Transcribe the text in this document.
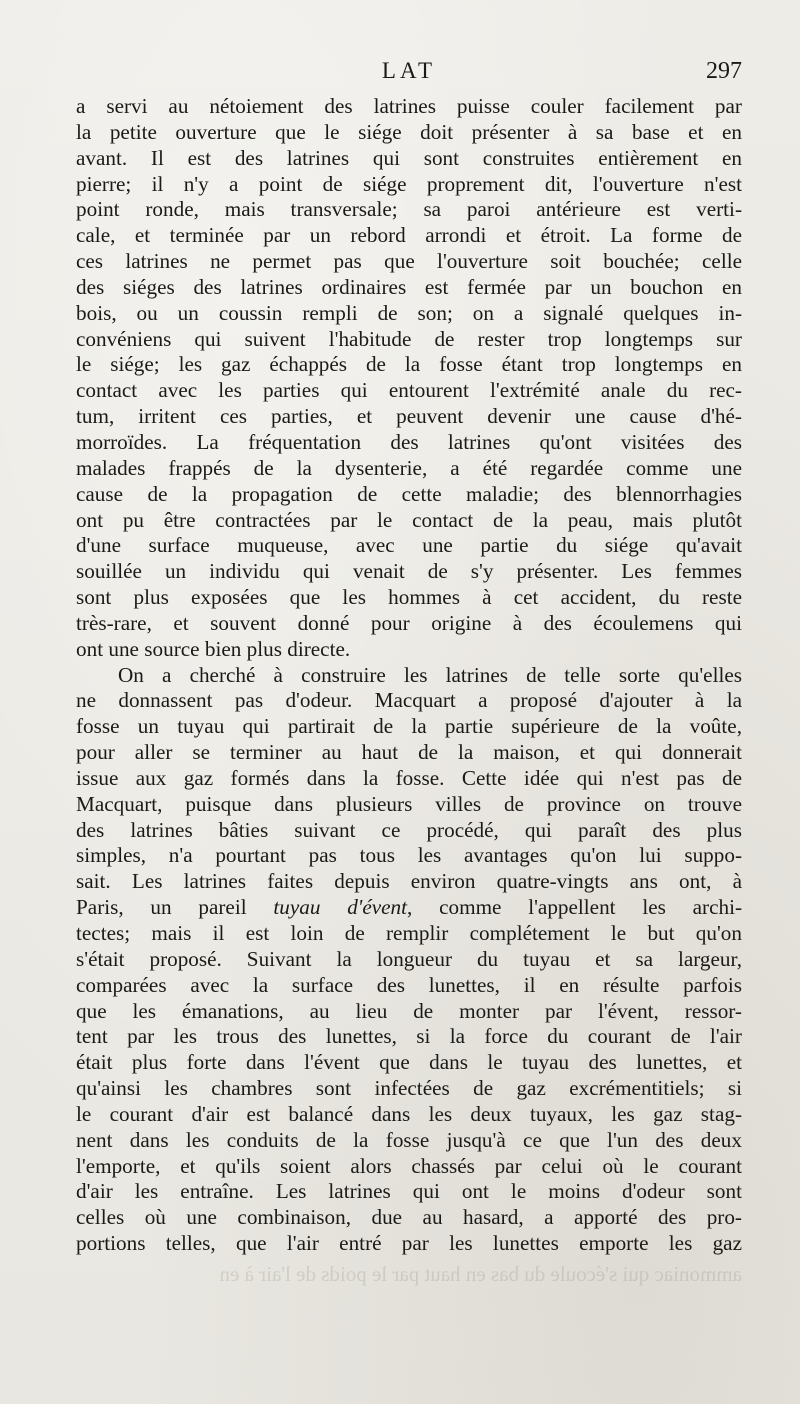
LAT	297
a servi au nétoiement des latrines puisse couler facilement par
la petite ouverture que le siége doit présenter à sa base et en
avant. Il est des latrines qui sont construites entièrement en
pierre; il n'y a point de siége proprement dit, l'ouverture n'est
point ronde, mais transversale; sa paroi antérieure est verti-
cale, et terminée par un rebord arrondi et étroit. La forme de
ces latrines ne permet pas que l'ouverture soit bouchée; celle
des siéges des latrines ordinaires est fermée par un bouchon en
bois, ou un coussin rempli de son; on a signalé quelques in-
convéniens qui suivent l'habitude de rester trop longtemps sur
le siége; les gaz échappés de la fosse étant trop longtemps en
contact avec les parties qui entourent l'extrémité anale du rec-
tum, irritent ces parties, et peuvent devenir une cause d'hé-
morroïdes. La fréquentation des latrines qu'ont visitées des
malades frappés de la dysenterie, a été regardée comme une
cause de la propagation de cette maladie; des blennorrhagies
ont pu être contractées par le contact de la peau, mais plutôt
d'une surface muqueuse, avec une partie du siége qu'avait
souillée un individu qui venait de s'y présenter. Les femmes
sont plus exposées que les hommes à cet accident, du reste
très-rare, et souvent donné pour origine à des écoulemens qui
ont une source bien plus directe.
On a cherché à construire les latrines de telle sorte qu'elles
ne donnassent pas d'odeur. Macquart a proposé d'ajouter à la
fosse un tuyau qui partirait de la partie supérieure de la voûte,
pour aller se terminer au haut de la maison, et qui donnerait
issue aux gaz formés dans la fosse. Cette idée qui n'est pas de
Macquart, puisque dans plusieurs villes de province on trouve
des latrines bâties suivant ce procédé, qui paraît des plus
simples, n'a pourtant pas tous les avantages qu'on lui suppo-
sait. Les latrines faites depuis environ quatre-vingts ans ont, à
Paris, un pareil tuyau d'évent, comme l'appellent les archi-
tectes; mais il est loin de remplir complétement le but qu'on
s'était proposé. Suivant la longueur du tuyau et sa largeur,
comparées avec la surface des lunettes, il en résulte parfois
que les émanations, au lieu de monter par l'évent, ressor-
tent par les trous des lunettes, si la force du courant de l'air
était plus forte dans l'évent que dans le tuyau des lunettes, et
qu'ainsi les chambres sont infectées de gaz excrémentitiels; si
le courant d'air est balancé dans les deux tuyaux, les gaz stag-
nent dans les conduits de la fosse jusqu'à ce que l'un des deux
l'emporte, et qu'ils soient alors chassés par celui où le courant
d'air les entraîne. Les latrines qui ont le moins d'odeur sont
celles où une combinaison, due au hasard, a apporté des pro-
portions telles, que l'air entré par les lunettes emporte les gaz
ammoniac qui s'écoule du bas en haut par le poids de l'air à en
